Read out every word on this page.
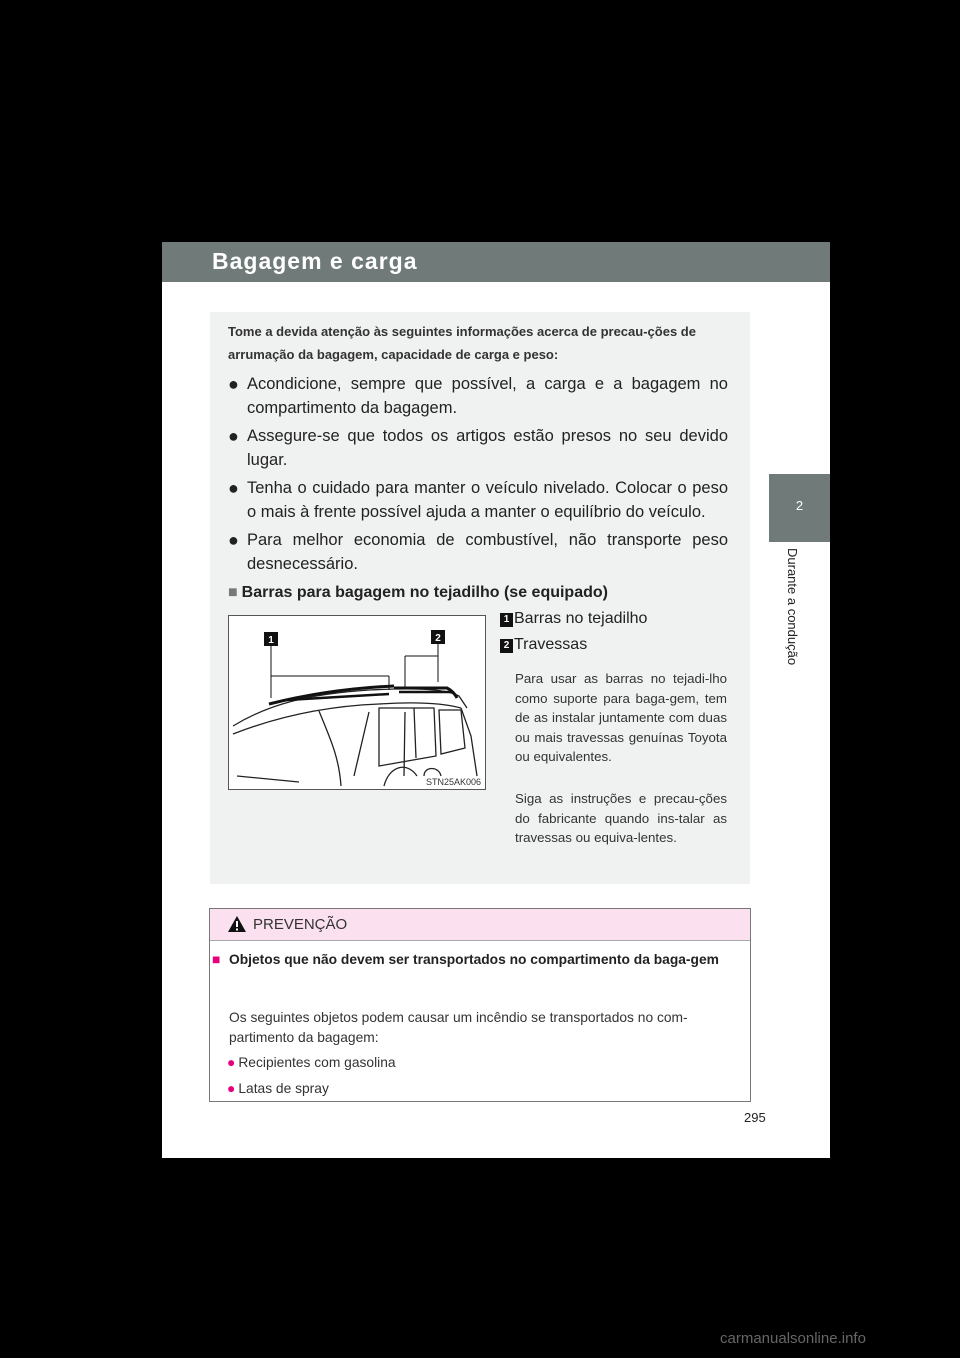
Bagagem e carga
2
Durante a condução
Tome a devida atenção às seguintes informações acerca de precau-ções de arrumação da bagagem, capacidade de carga e peso:
● Acondicione, sempre que possível, a carga e a bagagem no compartimento da bagagem.
● Assegure-se que todos os artigos estão presos no seu devido lugar.
● Tenha o cuidado para manter o veículo nivelado. Colocar o peso o mais à frente possível ajuda a manter o equilíbrio do veículo.
● Para melhor economia de combustível, não transporte peso desnecessário.
■ Barras para bagagem no tejadilho (se equipado)
1	2
STN25AK006
1 Barras no tejadilho
2 Travessas
Para usar as barras no tejadi-lho como suporte para baga-gem, tem de as instalar juntamente com duas ou mais travessas genuínas Toyota ou equivalentes.
Siga as instruções e precau-ções do fabricante quando ins-talar as travessas ou equiva-lentes.
PREVENÇÃO
■ Objetos que não devem ser transportados no compartimento da baga-gem
Os seguintes objetos podem causar um incêndio se transportados no com-partimento da bagagem:
● Recipientes com gasolina
● Latas de spray
295
carmanualsonline.info
